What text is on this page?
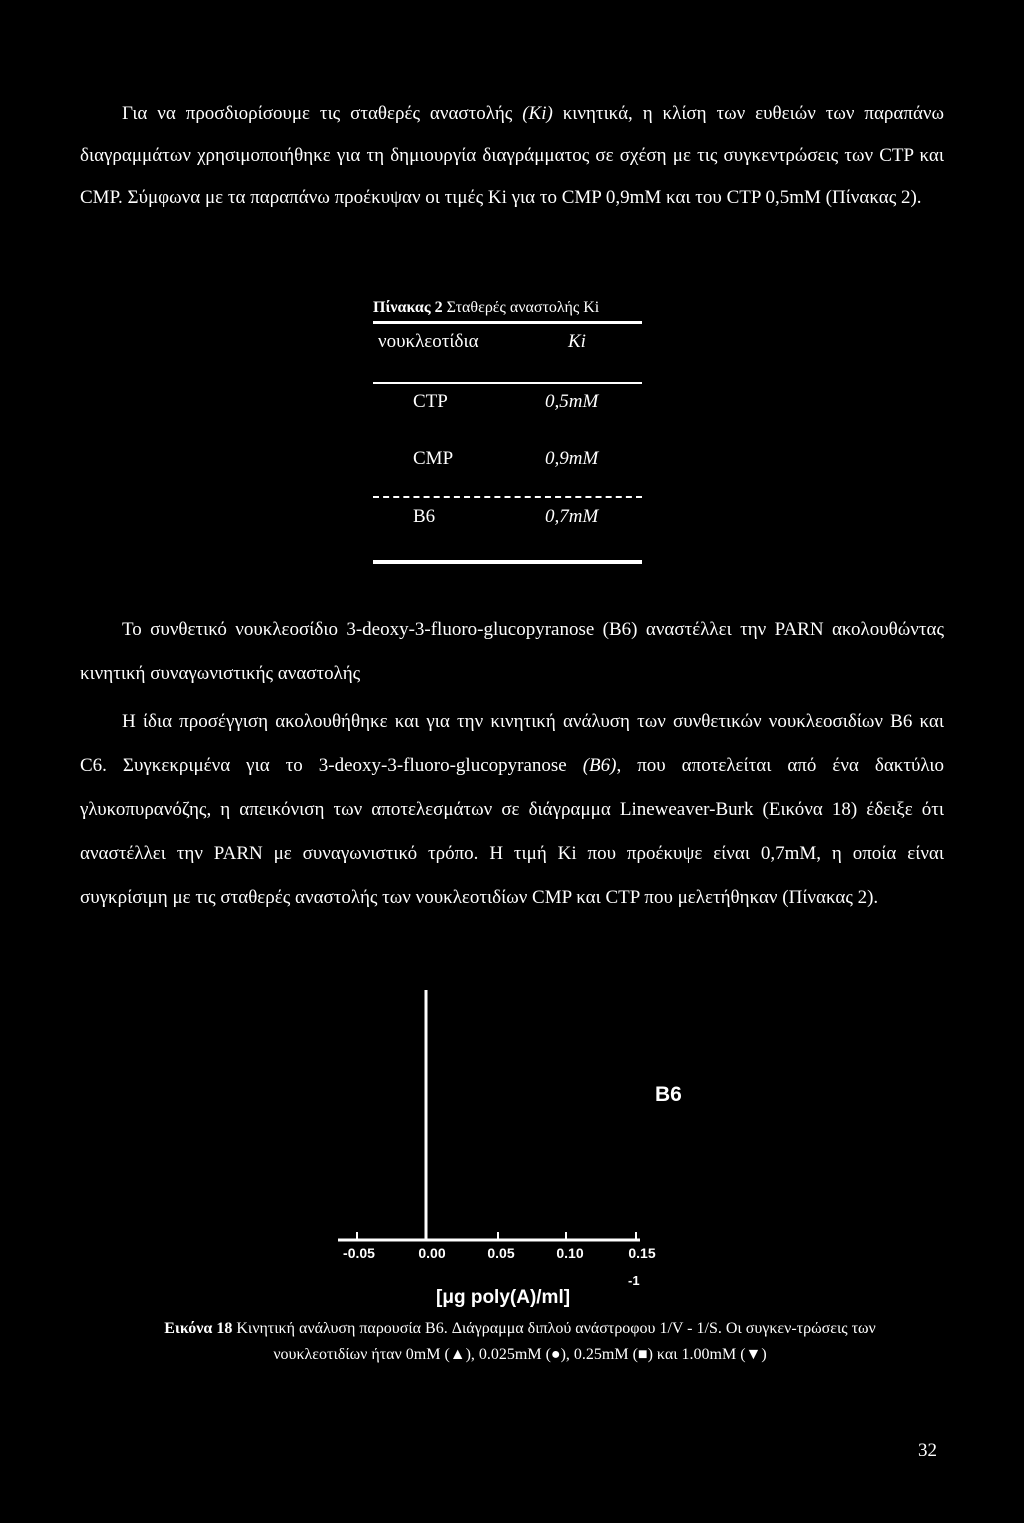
Για να προσδιορίσουμε τις σταθερές αναστολής (Ki) κινητικά, η κλίση των ευθειών των παραπάνω διαγραμμάτων χρησιμοποιήθηκε για τη δημιουργία διαγράμματος σε σχέση με τις συγκεντρώσεις των CTP και CMP. Σύμφωνα με τα παραπάνω προέκυψαν οι τιμές Ki για το CMP 0,9mM και του CTP 0,5mM (Πίνακας 2).

Πίνακας 2 Σταθερές αναστολής Ki
νουκλεοτίδια	Ki
CTP	0,5mM
CMP	0,9mM
B6	0,7mM

Το συνθετικό νουκλεοσίδιο 3-deoxy-3-fluoro-glucopyranose (B6) αναστέλλει την PARN ακολουθώντας κινητική συναγωνιστικής αναστολής

Η ίδια προσέγγιση ακολουθήθηκε και για την κινητική ανάλυση των συνθετικών νουκλεοσιδίων B6 και C6. Συγκεκριμένα για το 3-deoxy-3-fluoro-glucopyranose (B6), που αποτελείται από ένα δακτύλιο γλυκοπυρανόζης, η απεικόνιση των αποτελεσμάτων σε διάγραμμα Lineweaver-Burk (Εικόνα 18) έδειξε ότι αναστέλλει την PARN με συναγωνιστικό τρόπο. Η τιμή Ki που προέκυψε είναι 0,7mM, η οποία είναι συγκρίσιμη με τις σταθερές αναστολής των νουκλεοτιδίων CMP και CTP που μελετήθηκαν (Πίνακας 2).

B6
-0.05	0.00	0.05	0.10	0.15
[μg poly(A)/ml]
-1
Εικόνα 18 Κινητική ανάλυση παρουσία B6. Διάγραμμα διπλού ανάστροφου 1/V - 1/S. Οι συγκεν-τρώσεις των νουκλεοτιδίων ήταν 0mM (▲), 0.025mM (●), 0.25mM (■) και 1.00mM (▼)
32
